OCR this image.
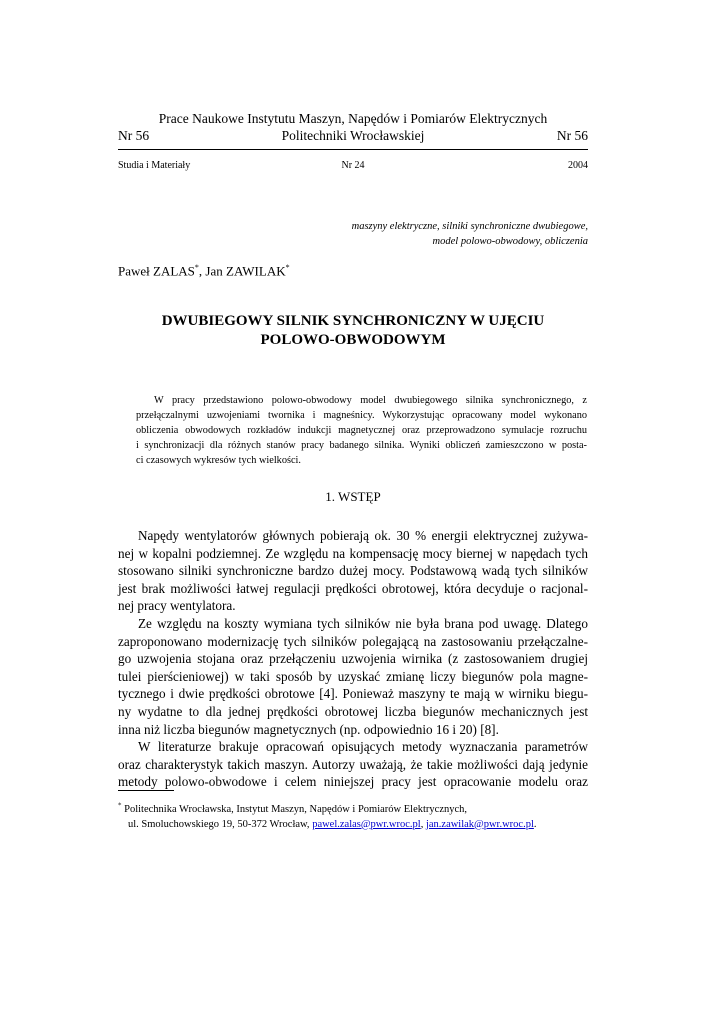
Prace Naukowe Instytutu Maszyn, Napędów i Pomiarów Elektrycznych
Nr 56	Politechniki Wrocławskiej	Nr 56
Studia i Materiały	Nr 24	2004
maszyny elektryczne, silniki synchroniczne dwubiegowe,
model polowo-obwodowy, obliczenia
Paweł ZALAS*, Jan ZAWILAK*
DWUBIEGOWY SILNIK SYNCHRONICZNY W UJĘCIU
POLOWO-OBWODOWYM
W pracy przedstawiono polowo-obwodowy model dwubiegowego silnika synchronicznego, z
przełączalnymi uzwojeniami twornika i magneśnicy. Wykorzystując opracowany model wykonano
obliczenia obwodowych rozkładów indukcji magnetycznej oraz przeprowadzono symulacje rozruchu
i synchronizacji dla różnych stanów pracy badanego silnika. Wyniki obliczeń zamieszczono w posta-
ci czasowych wykresów tych wielkości.
1. WSTĘP
Napędy wentylatorów głównych pobierają ok. 30 % energii elektrycznej zużywa-
nej w kopalni podziemnej. Ze względu na kompensację mocy biernej w napędach tych
stosowano silniki synchroniczne bardzo dużej mocy. Podstawową wadą tych silników
jest brak możliwości łatwej regulacji prędkości obrotowej, która decyduje o racjonal-
nej pracy wentylatora.
Ze względu na koszty wymiana tych silników nie była brana pod uwagę. Dlatego
zaproponowano modernizację tych silników polegającą na zastosowaniu przełączalne-
go uzwojenia stojana oraz przełączeniu uzwojenia wirnika (z zastosowaniem drugiej
tulei pierścieniowej) w taki sposób by uzyskać zmianę liczy biegunów pola magne-
tycznego i dwie prędkości obrotowe [4]. Ponieważ maszyny te mają w wirniku biegu-
ny wydatne to dla jednej prędkości obrotowej liczba biegunów mechanicznych jest
inna niż liczba biegunów magnetycznych (np. odpowiednio 16 i 20) [8].
W literaturze brakuje opracowań opisujących metody wyznaczania parametrów
oraz charakterystyk takich maszyn. Autorzy uważają, że takie możliwości dają jedynie
metody polowo-obwodowe i celem niniejszej pracy jest opracowanie modelu oraz
* Politechnika Wrocławska, Instytut Maszyn, Napędów i Pomiarów Elektrycznych,
ul. Smoluchowskiego 19, 50-372 Wrocław, pawel.zalas@pwr.wroc.pl, jan.zawilak@pwr.wroc.pl.
